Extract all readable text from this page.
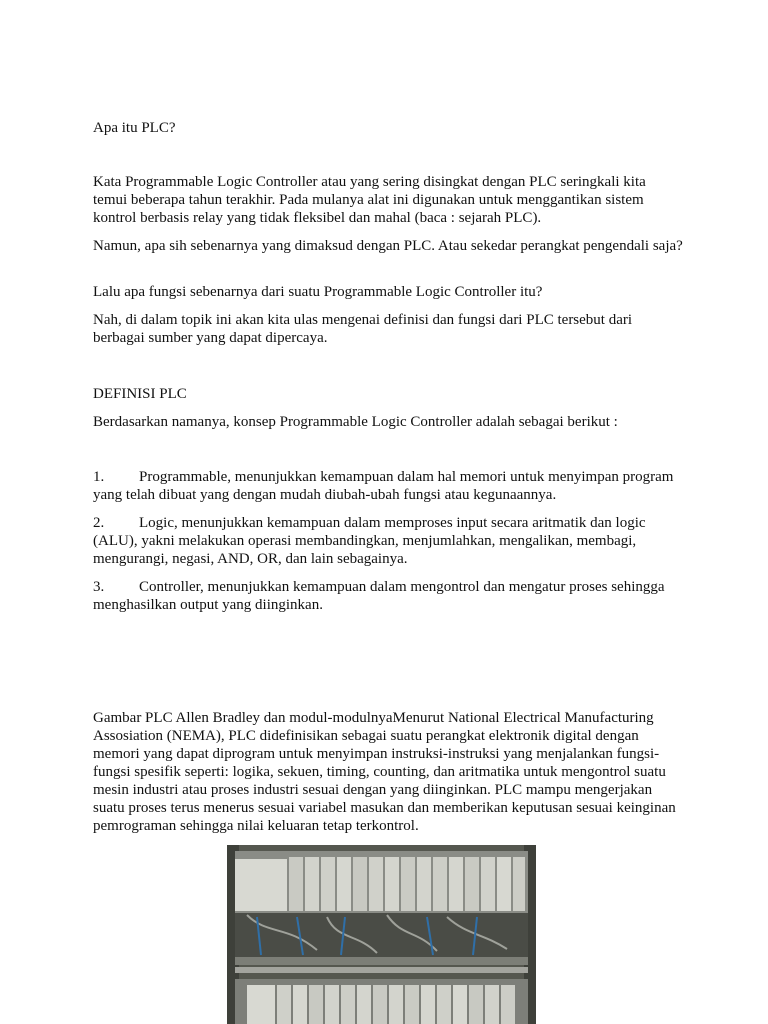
Apa itu PLC?

Kata Programmable Logic Controller atau yang sering disingkat dengan PLC seringkali kita temui beberapa tahun terakhir. Pada mulanya alat ini digunakan untuk menggantikan sistem kontrol berbasis relay yang tidak fleksibel dan mahal (baca : sejarah PLC).

Namun, apa sih sebenarnya yang dimaksud dengan PLC. Atau sekedar perangkat pengendali saja?

Lalu apa fungsi sebenarnya dari suatu Programmable Logic Controller itu?

Nah, di dalam topik ini akan kita ulas mengenai definisi dan fungsi dari PLC tersebut dari berbagai sumber yang dapat dipercaya.

DEFINISI PLC

Berdasarkan namanya, konsep Programmable Logic Controller adalah sebagai berikut :

1. Programmable, menunjukkan kemampuan dalam hal memori untuk menyimpan program yang telah dibuat yang dengan mudah diubah-ubah fungsi atau kegunaannya.

2. Logic, menunjukkan kemampuan dalam memproses input secara aritmatik dan logic (ALU), yakni melakukan operasi membandingkan, menjumlahkan, mengalikan, membagi, mengurangi, negasi, AND, OR, dan lain sebagainya.

3. Controller, menunjukkan kemampuan dalam mengontrol dan mengatur proses sehingga menghasilkan output yang diinginkan.

Gambar PLC Allen Bradley dan modul-modulnyaMenurut National Electrical Manufacturing Assosiation (NEMA), PLC didefinisikan sebagai suatu perangkat elektronik digital dengan memori yang dapat diprogram untuk menyimpan instruksi-instruksi yang menjalankan fungsi-fungsi spesifik seperti: logika, sekuen, timing, counting, dan aritmatika untuk mengontrol suatu mesin industri atau proses industri sesuai dengan yang diinginkan. PLC mampu mengerjakan suatu proses terus menerus sesuai variabel masukan dan memberikan keputusan sesuai keinginan pemrograman sehingga nilai keluaran tetap terkontrol.
